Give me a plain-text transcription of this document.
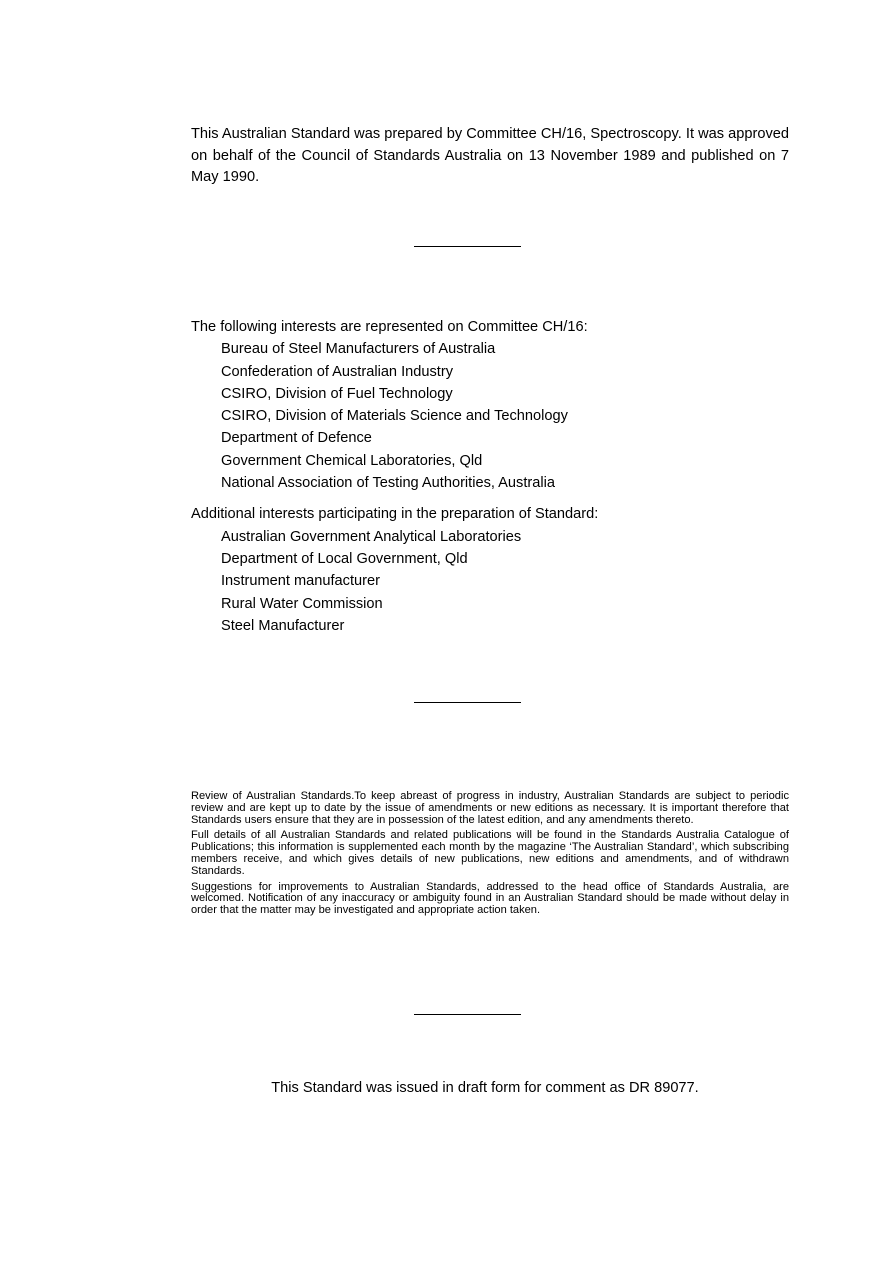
This Australian Standard was prepared by Committee CH/16, Spectroscopy. It was approved on behalf of the Council of Standards Australia on 13 November 1989 and published on 7 May 1990.

The following interests are represented on Committee CH/16:

Bureau of Steel Manufacturers of Australia
Confederation of Australian Industry
CSIRO, Division of Fuel Technology
CSIRO, Division of Materials Science and Technology
Department of Defence
Government Chemical Laboratories, Qld
National Association of Testing Authorities, Australia

Additional interests participating in the preparation of Standard:

Australian Government Analytical Laboratories
Department of Local Government, Qld
Instrument manufacturer
Rural Water Commission
Steel Manufacturer

Review of Australian Standards.To keep abreast of progress in industry, Australian Standards are subject to periodic review and are kept up to date by the issue of amendments or new editions as necessary. It is important therefore that Standards users ensure that they are in possession of the latest edition, and any amendments thereto.

Full details of all Australian Standards and related publications will be found in the Standards Australia Catalogue of Publications; this information is supplemented each month by the magazine ‘The Australian Standard’, which subscribing members receive, and which gives details of new publications, new editions and amendments, and of withdrawn Standards.

Suggestions for improvements to Australian Standards, addressed to the head office of Standards Australia, are welcomed. Notification of any inaccuracy or ambiguity found in an Australian Standard should be made without delay in order that the matter may be investigated and appropriate action taken.

This Standard was issued in draft form for comment as DR 89077.
